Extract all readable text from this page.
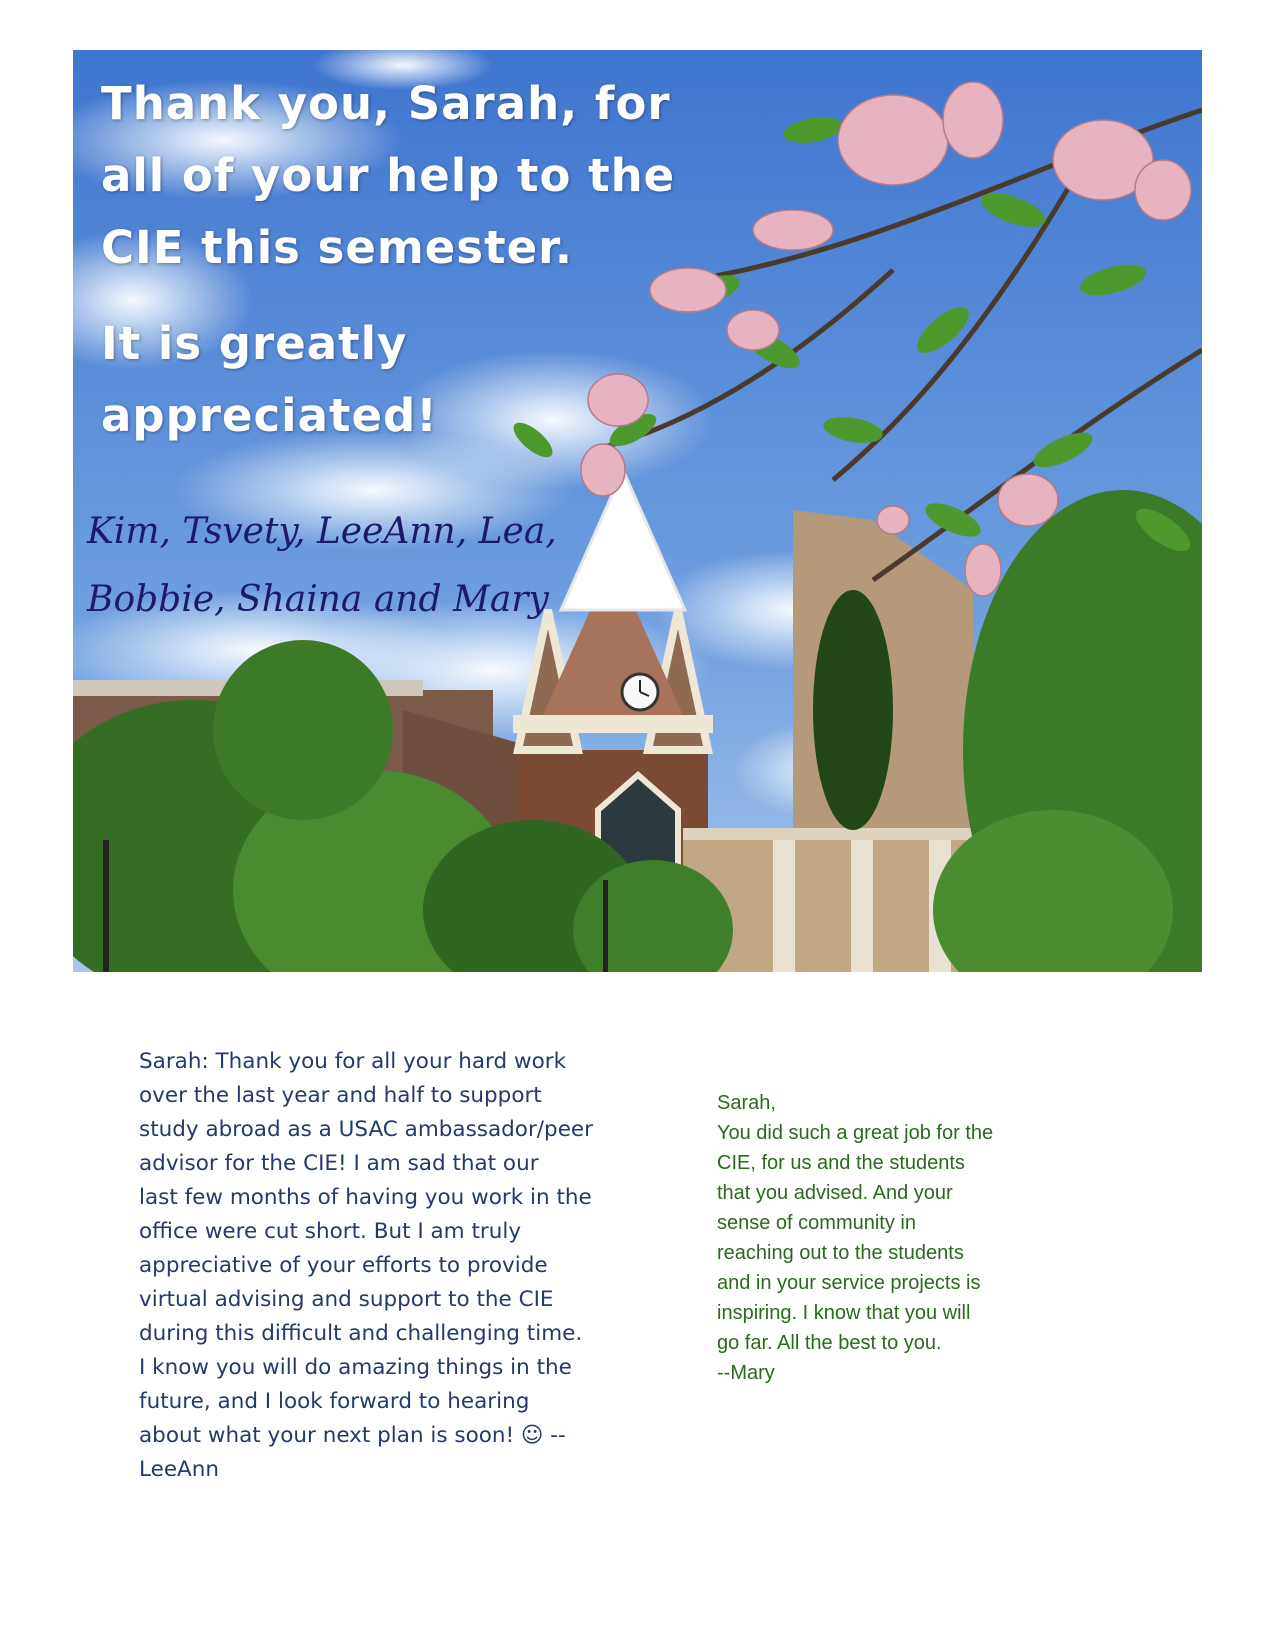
Thank you, Sarah, for
all of your help to the
CIE this semester.

It is greatly
appreciated!

Kim, Tsvety, LeeAnn, Lea,
Bobbie, Shaina and Mary

Sarah: Thank you for all your hard work
over the last year and half to support
study abroad as a USAC ambassador/peer
advisor for the CIE! I am sad that our
last few months of having you work in the
office were cut short. But I am truly
appreciative of your efforts to provide
virtual advising and support to the CIE
during this difficult and challenging time.
I know you will do amazing things in the
future, and I look forward to hearing
about what your next plan is soon! ☺ --
LeeAnn

Sarah,
You did such a great job for the
CIE, for us and the students
that you advised. And your
sense of community in
reaching out to the students
and in your service projects is
inspiring. I know that you will
go far. All the best to you.
--Mary
